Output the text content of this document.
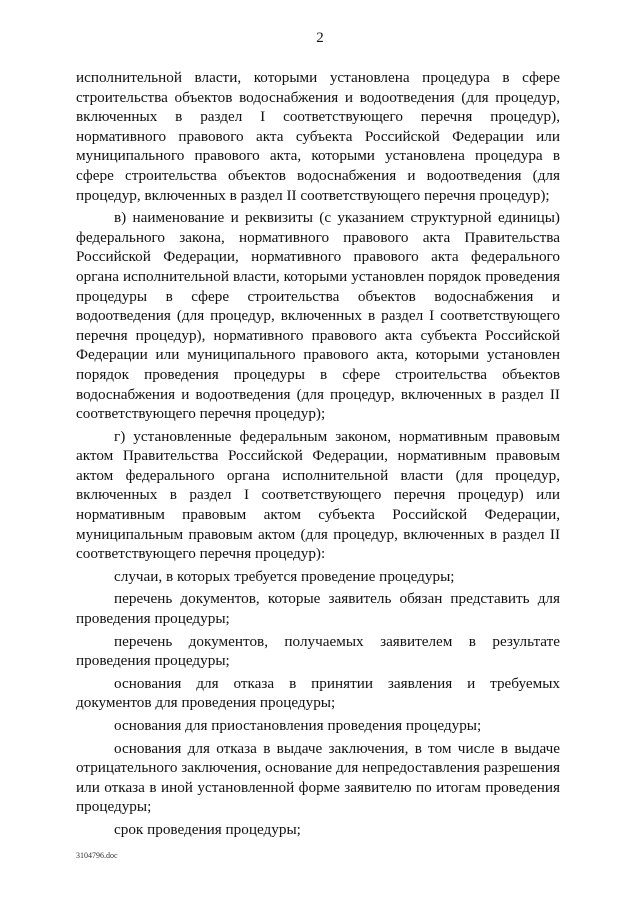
2

исполнительной власти, которыми установлена процедура в сфере строительства объектов водоснабжения и водоотведения (для процедур, включенных в раздел I соответствующего перечня процедур), нормативного правового акта субъекта Российской Федерации или муниципального правового акта, которыми установлена процедура в сфере строительства объектов водоснабжения и водоотведения (для процедур, включенных в раздел II соответствующего перечня процедур);

в) наименование и реквизиты (с указанием структурной единицы) федерального закона, нормативного правового акта Правительства Российской Федерации, нормативного правового акта федерального органа исполнительной власти, которыми установлен порядок проведения процедуры в сфере строительства объектов водоснабжения и водоотведения (для процедур, включенных в раздел I соответствующего перечня процедур), нормативного правового акта субъекта Российской Федерации или муниципального правового акта, которыми установлен порядок проведения процедуры в сфере строительства объектов водоснабжения и водоотведения (для процедур, включенных в раздел II соответствующего перечня процедур);

г) установленные федеральным законом, нормативным правовым актом Правительства Российской Федерации, нормативным правовым актом федерального органа исполнительной власти (для процедур, включенных в раздел I соответствующего перечня процедур) или нормативным правовым актом субъекта Российской Федерации, муниципальным правовым актом (для процедур, включенных в раздел II соответствующего перечня процедур):

случаи, в которых требуется проведение процедуры;

перечень документов, которые заявитель обязан представить для проведения процедуры;

перечень документов, получаемых заявителем в результате проведения процедуры;

основания для отказа в принятии заявления и требуемых документов для проведения процедуры;

основания для приостановления проведения процедуры;

основания для отказа в выдаче заключения, в том числе в выдаче отрицательного заключения, основание для непредоставления разрешения или отказа в иной установленной форме заявителю по итогам проведения процедуры;

срок проведения процедуры;

3104796.doc
